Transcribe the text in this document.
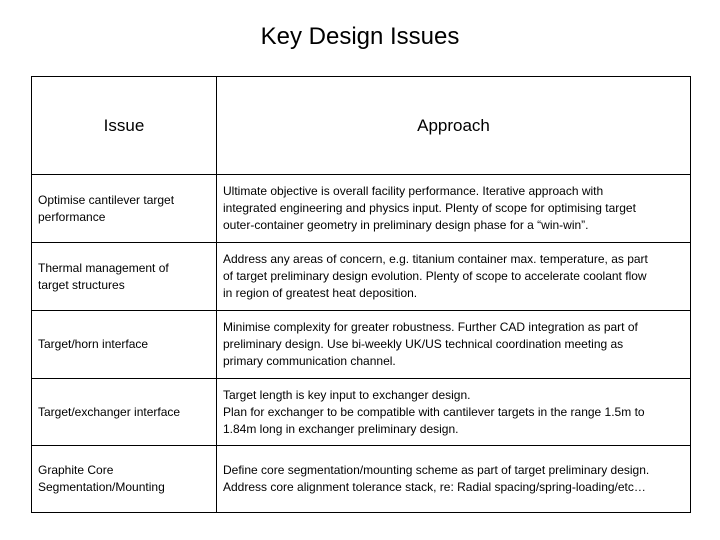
Key Design Issues
Issue	Approach

Optimise cantilever target
performance	Ultimate objective is overall facility performance. Iterative approach with
integrated engineering and physics input. Plenty of scope for optimising target
outer-container geometry in preliminary design phase for a “win-win”.

Thermal management of
target structures	Address any areas of concern, e.g. titanium container max. temperature, as part
of target preliminary design evolution. Plenty of scope to accelerate coolant flow
in region of greatest heat deposition.

Target/horn interface	Minimise complexity for greater robustness. Further CAD integration as part of
preliminary design. Use bi-weekly UK/US technical coordination meeting as
primary communication channel.

Target/exchanger interface	Target length is key input to exchanger design.
Plan for exchanger to be compatible with cantilever targets in the range 1.5m to
1.84m long in exchanger preliminary design.

Graphite Core
Segmentation/Mounting	Define core segmentation/mounting scheme as part of target preliminary design.
Address core alignment tolerance stack, re: Radial spacing/spring-loading/etc…
